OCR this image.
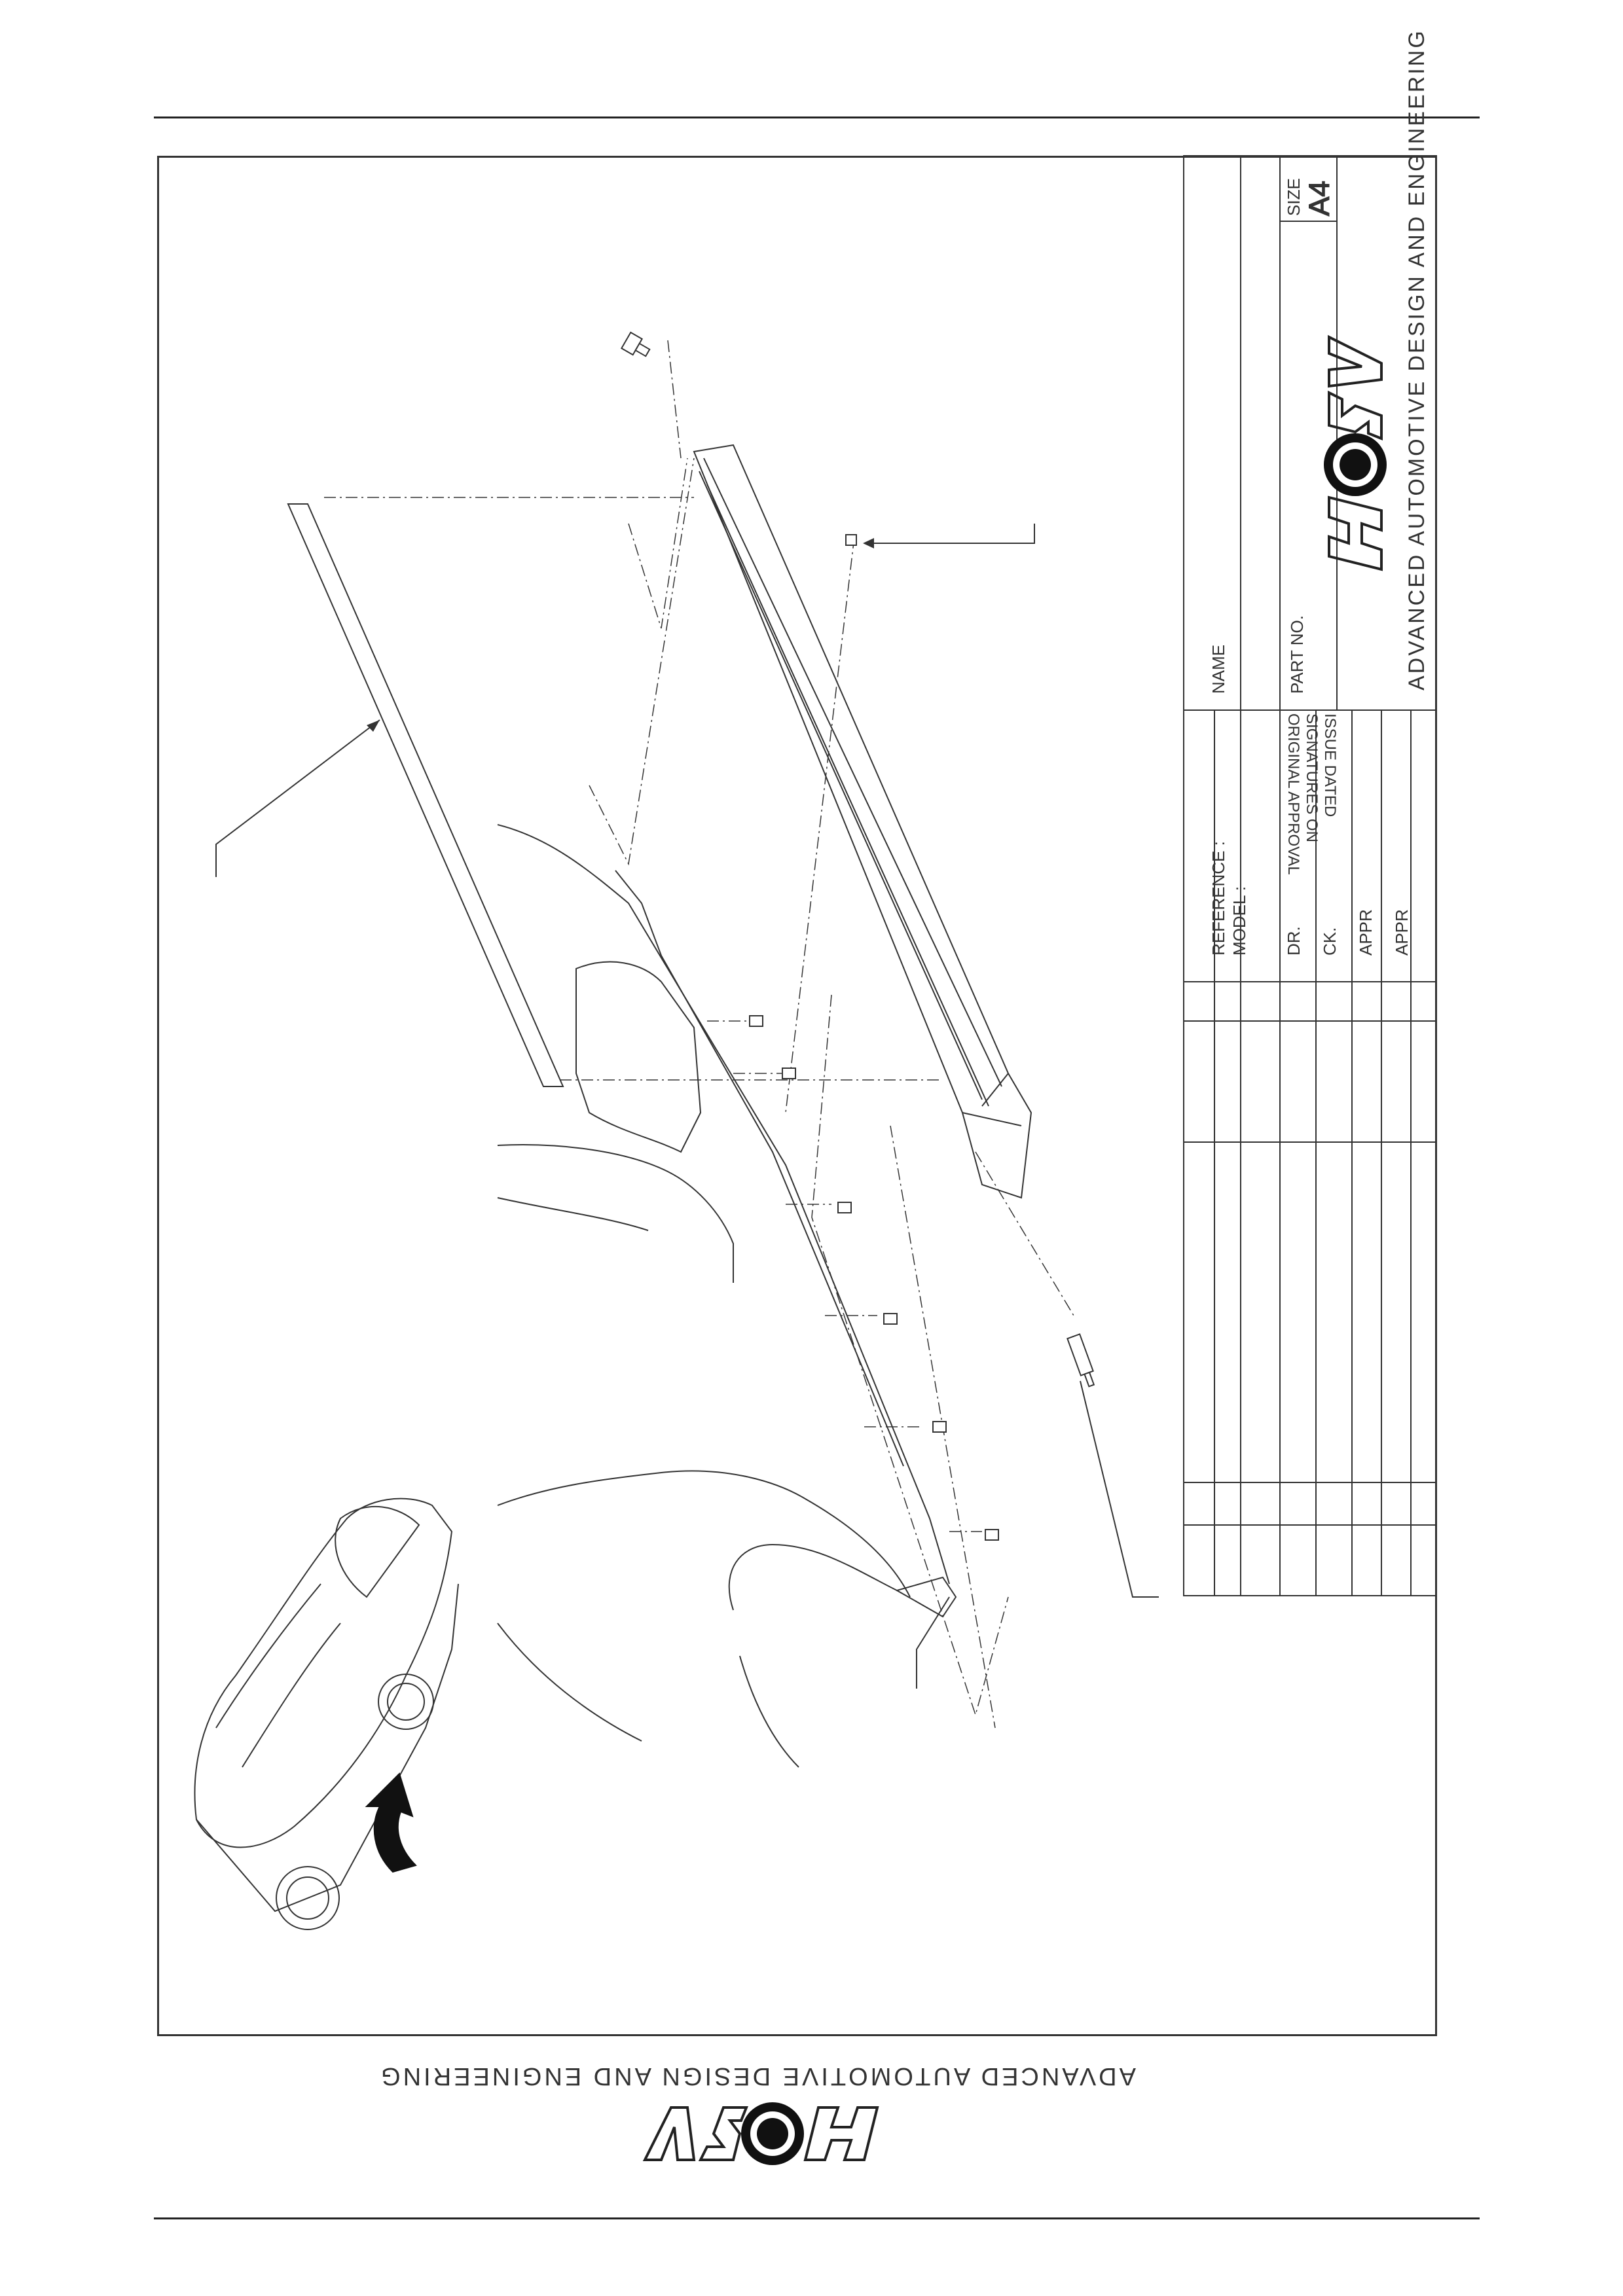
SIZE A4
NAME	PART NO.	ADVANCED AUTOMOTIVE DESIGN AND ENGINEERING
REFERENCE : MODEL : DR. CK. APPR APPR
ORIGINAL APPROVAL SIGNATURES ON ISSUE DATED
ADVANCED AUTOMOTIVE DESIGN AND ENGINEERING
